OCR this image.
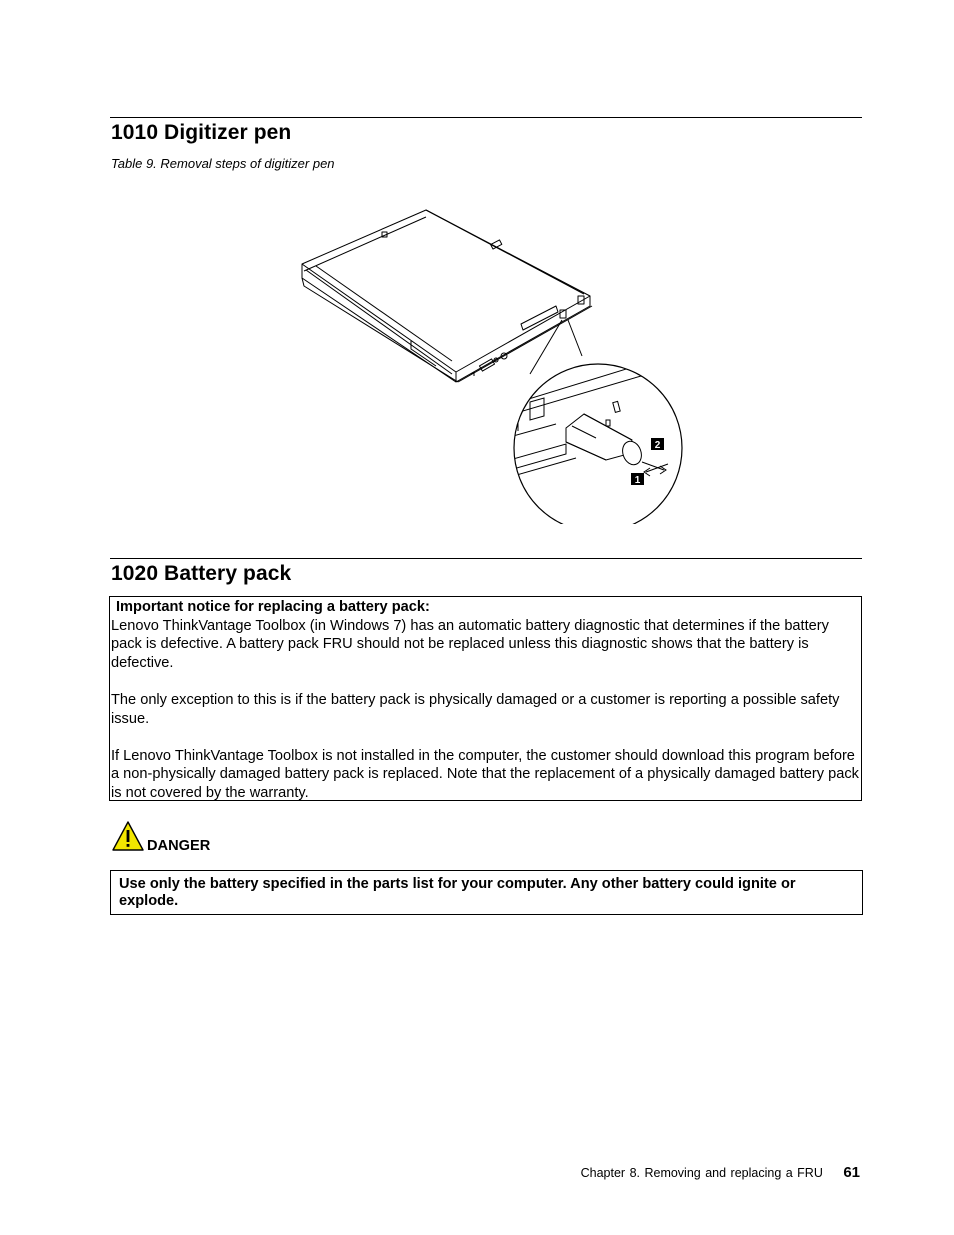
1010 Digitizer pen
Table 9. Removal steps of digitizer pen
2
1
1020 Battery pack
Important notice for replacing a battery pack:

Lenovo ThinkVantage Toolbox (in Windows 7) has an automatic battery diagnostic that determines if the battery pack is defective. A battery pack FRU should not be replaced unless this diagnostic shows that the battery is defective.

The only exception to this is if the battery pack is physically damaged or a customer is reporting a possible safety issue.

If Lenovo ThinkVantage Toolbox is not installed in the computer, the customer should download this program before a non-physically damaged battery pack is replaced. Note that the replacement of a physically damaged battery pack is not covered by the warranty.

DANGER
Use only the battery specified in the parts list for your computer. Any other battery could ignite or explode.
Chapter 8. Removing and replacing a FRU 61
